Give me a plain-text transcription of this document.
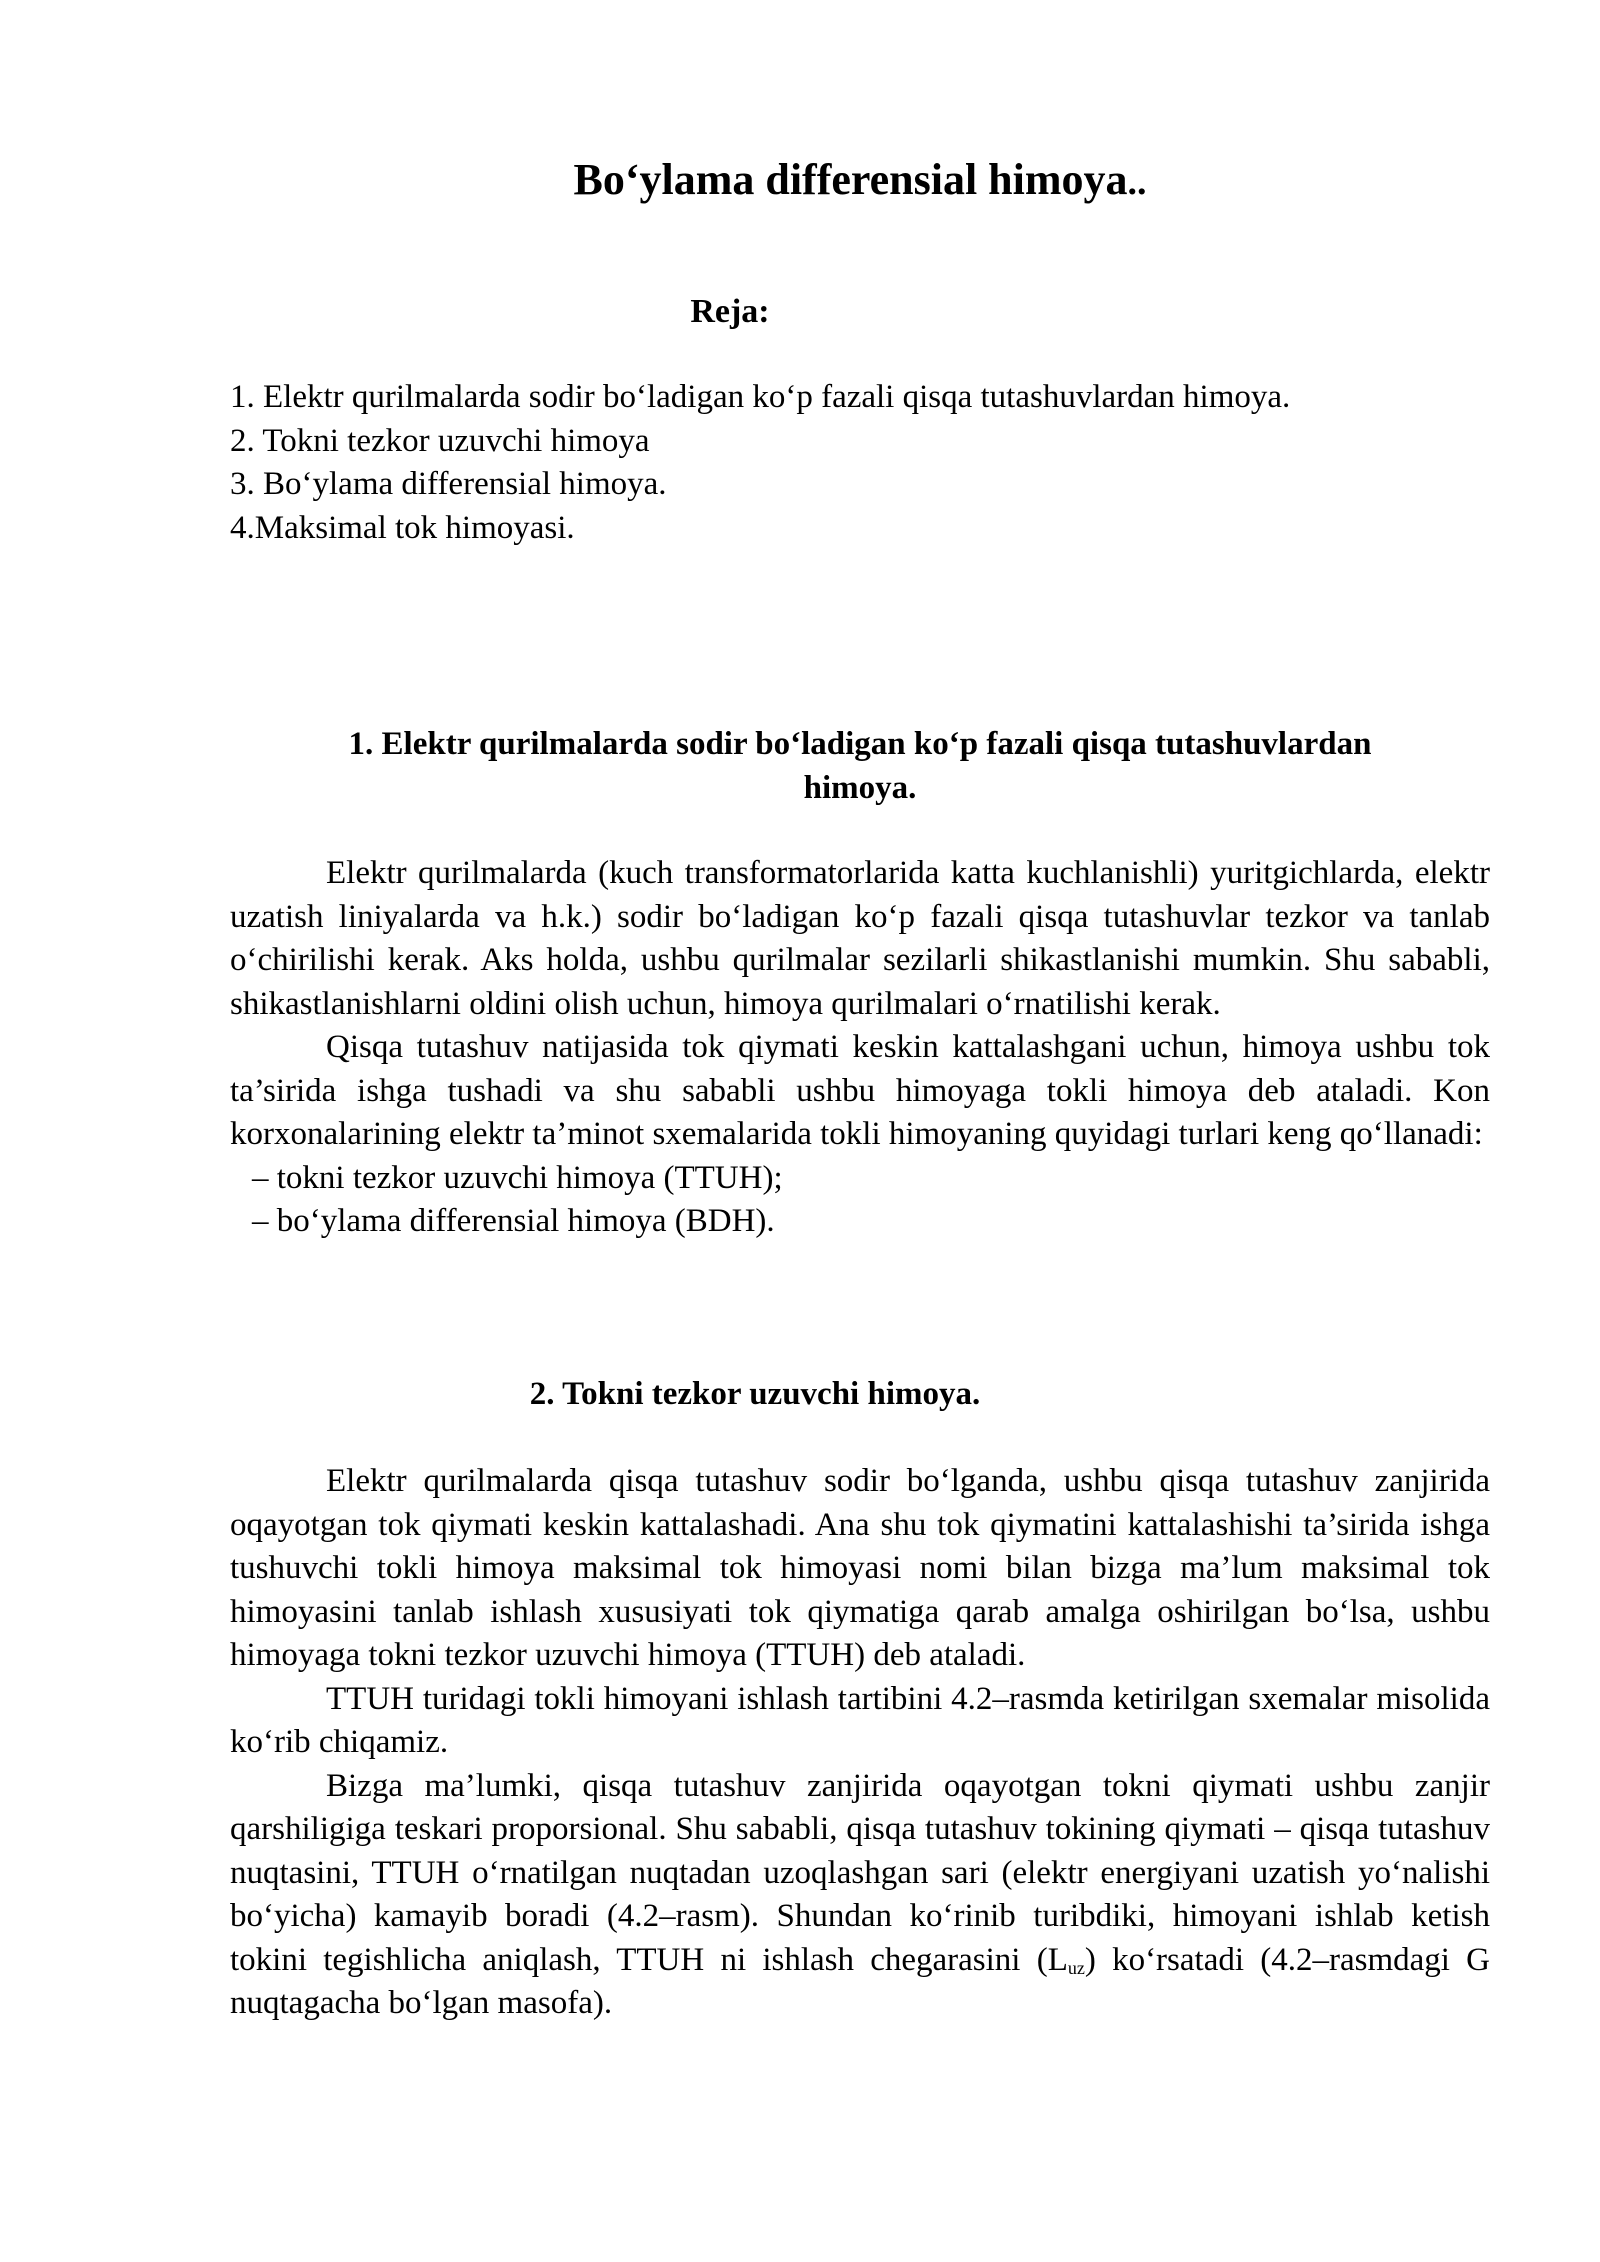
Bo‘ylama differensial himoya..
Reja:
1. Elektr qurilmalarda sodir bo‘ladigan ko‘p fazali qisqa tutashuvlardan himoya.
2. Tokni tezkor uzuvchi himoya
3. Bo‘ylama differensial himoya.
4.Maksimal tok himoyasi.
1. Elektr qurilmalarda sodir bo‘ladigan ko‘p fazali qisqa tutashuvlardan
himoya.

Elektr qurilmalarda (kuch transformatorlarida katta kuchlanishli) yuritgichlarda, elektr uzatish liniyalarda va h.k.) sodir bo‘ladigan ko‘p fazali qisqa tutashuvlar tezkor va tanlab o‘chirilishi kerak. Aks holda, ushbu qurilmalar sezilarli shikastlanishi mumkin. Shu sababli, shikastlanishlarni oldini olish uchun, himoya qurilmalari o‘rnatilishi kerak.

Qisqa tutashuv natijasida tok qiymati keskin kattalashgani uchun, himoya ushbu tok ta’sirida ishga tushadi va shu sababli ushbu himoyaga tokli himoya deb ataladi. Kon korxonalarining elektr ta’minot sxemalarida tokli himoyaning quyidagi turlari keng qo‘llanadi:

– tokni tezkor uzuvchi himoya (TTUH);

– bo‘ylama differensial himoya (BDH).

2. Tokni tezkor uzuvchi himoya.

Elektr qurilmalarda qisqa tutashuv sodir bo‘lganda, ushbu qisqa tutashuv zanjirida oqayotgan tok qiymati keskin kattalashadi. Ana shu tok qiymatini kattalashishi ta’sirida ishga tushuvchi tokli himoya maksimal tok himoyasi nomi bilan bizga ma’lum maksimal tok himoyasini tanlab ishlash xususiyati tok qiymatiga qarab amalga oshirilgan bo‘lsa, ushbu himoyaga tokni tezkor uzuvchi himoya (TTUH) deb ataladi.

TTUH turidagi tokli himoyani ishlash tartibini 4.2–rasmda ketirilgan sxemalar misolida ko‘rib chiqamiz.

Bizga ma’lumki, qisqa tutashuv zanjirida oqayotgan tokni qiymati ushbu zanjir qarshiligiga teskari proporsional. Shu sababli, qisqa tutashuv tokining qiymati – qisqa tutashuv nuqtasini, TTUH o‘rnatilgan nuqtadan uzoqlashgan sari (elektr energiyani uzatish yo‘nalishi bo‘yicha) kamayib boradi (4.2–rasm). Shundan ko‘rinib turibdiki, himoyani ishlab ketish tokini tegishlicha aniqlash, TTUH ni ishlash chegarasini $(L_{uz})$ ko‘rsatadi (4.2–rasmdagi G nuqtagacha bo‘lgan masofa).
